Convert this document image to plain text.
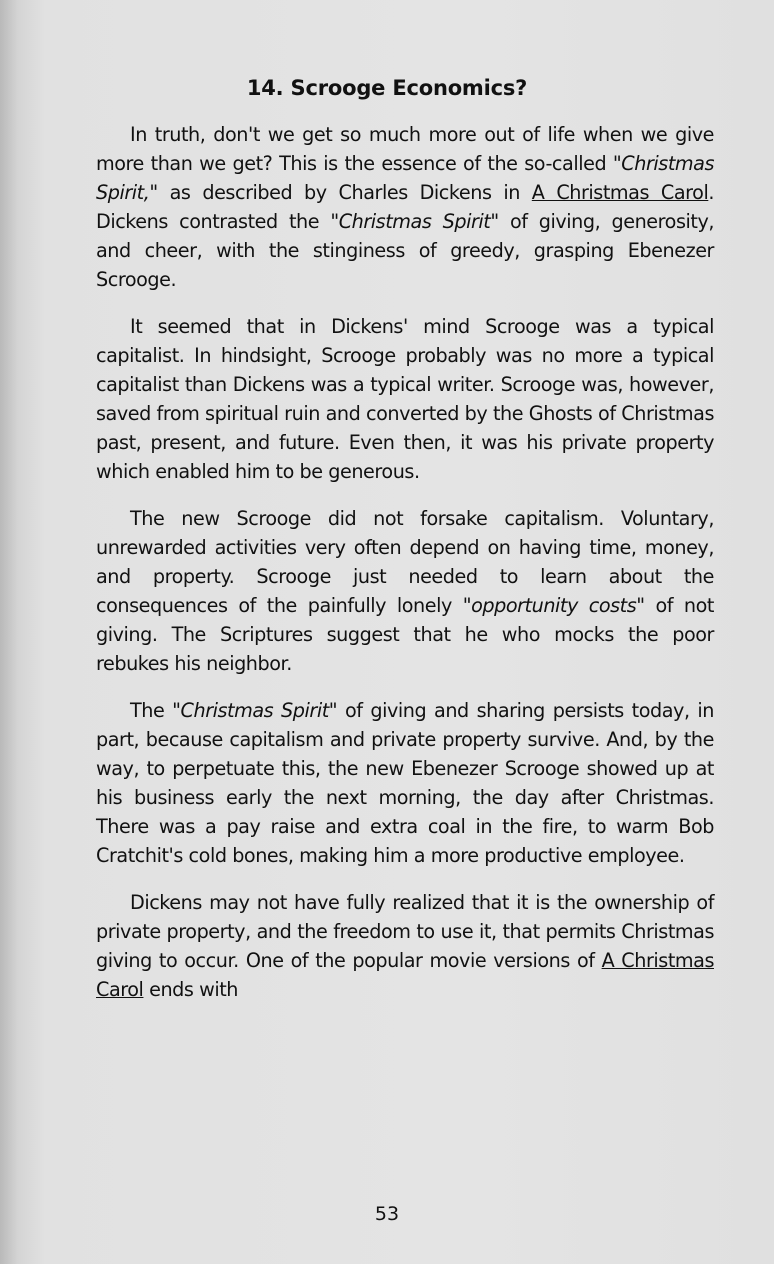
14. Scrooge Economics?

In truth, don't we get so much more out of life when we give more than we get? This is the essence of the so-called "Christmas Spirit," as described by Charles Dickens in A Christmas Carol. Dickens contrasted the "Christmas Spirit" of giving, generosity, and cheer, with the stinginess of greedy, grasping Ebenezer Scrooge.

It seemed that in Dickens' mind Scrooge was a typical capitalist. In hindsight, Scrooge probably was no more a typical capitalist than Dickens was a typical writer. Scrooge was, however, saved from spiritual ruin and converted by the Ghosts of Christmas past, present, and future. Even then, it was his private property which enabled him to be generous.

The new Scrooge did not forsake capitalism. Voluntary, unrewarded activities very often depend on having time, money, and property. Scrooge just needed to learn about the consequences of the painfully lonely "opportunity costs" of not giving. The Scriptures suggest that he who mocks the poor rebukes his neighbor.

The "Christmas Spirit" of giving and sharing persists today, in part, because capitalism and private property survive. And, by the way, to perpetuate this, the new Ebenezer Scrooge showed up at his business early the next morning, the day after Christmas. There was a pay raise and extra coal in the fire, to warm Bob Cratchit's cold bones, making him a more productive employee.

Dickens may not have fully realized that it is the ownership of private property, and the freedom to use it, that permits Christmas giving to occur. One of the popular movie versions of A Christmas Carol ends with

53
